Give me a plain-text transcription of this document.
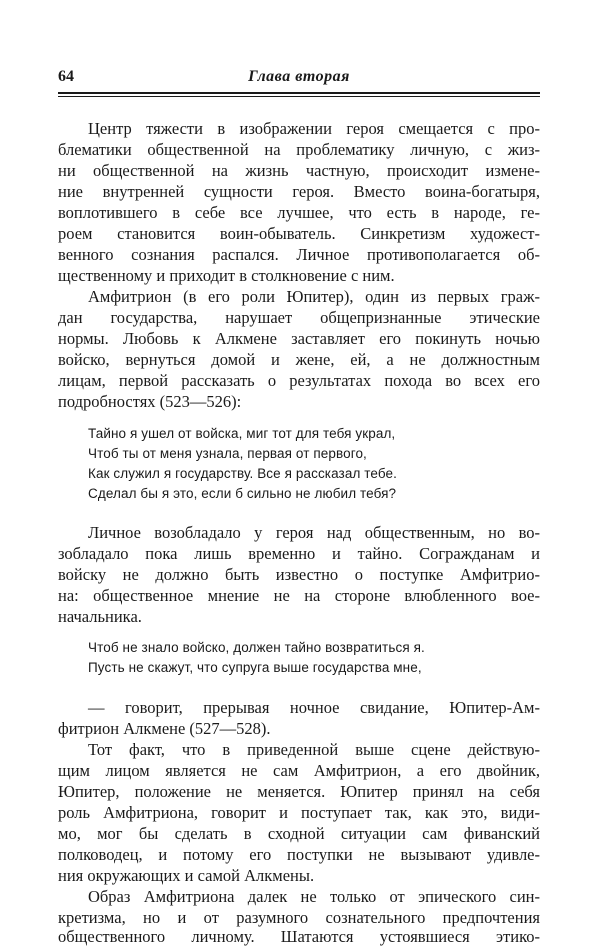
64	Глава вторая
Центр тяжести в изображении героя смещается с про-
блематики общественной на проблематику личную, с жиз-
ни общественной на жизнь частную, происходит измене-
ние внутренней сущности героя. Вместо воина-богатыря,
воплотившего в себе все лучшее, что есть в народе, ге-
роем становится воин-обыватель. Синкретизм художест-
венного сознания распался. Личное противополагается об-
щественному и приходит в столкновение с ним.
Амфитрион (в его роли Юпитер), один из первых граж-
дан государства, нарушает общепризнанные этические
нормы. Любовь к Алкмене заставляет его покинуть ночью
войско, вернуться домой и жене, ей, а не должностным
лицам, первой рассказать о результатах похода во всех его
подробностях (523—526):
Тайно я ушел от войска, миг тот для тебя украл,
Чтоб ты от меня узнала, первая от первого,
Как служил я государству. Все я рассказал тебе.
Сделал бы я это, если б сильно не любил тебя?
Личное возобладало у героя над общественным, но во-
зобладало пока лишь временно и тайно. Согражданам и
войску не должно быть известно о поступке Амфитрио-
на: общественное мнение не на стороне влюбленного вое-
начальника.
Чтоб не знало войско, должен тайно возвратиться я.
Пусть не скажут, что супруга выше государства мне,
— говорит, прерывая ночное свидание, Юпитер-Ам-
фитрион Алкмене (527—528).
Тот факт, что в приведенной выше сцене действую-
щим лицом является не сам Амфитрион, а его двойник,
Юпитер, положение не меняется. Юпитер принял на себя
роль Амфитриона, говорит и поступает так, как это, види-
мо, мог бы сделать в сходной ситуации сам фиванский
полководец, и потому его поступки не вызывают удивле-
ния окружающих и самой Алкмены.
Образ Амфитриона далек не только от эпического син-
кретизма, но и от разумного сознательного предпочтения
общественного личному. Шатаются устоявшиеся этико-
